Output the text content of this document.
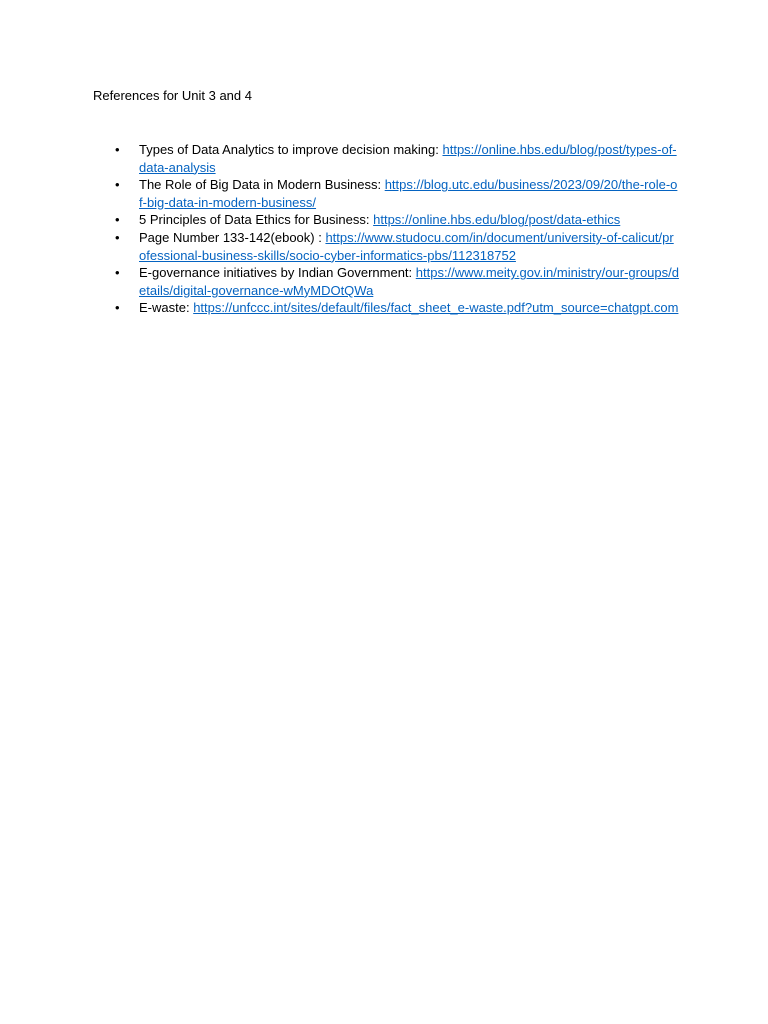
References for Unit 3 and 4
• Types of Data Analytics to improve decision making: https://online.hbs.edu/blog/post/types-of-data-analysis
• The Role of Big Data in Modern Business: https://blog.utc.edu/business/2023/09/20/the-role-of-big-data-in-modern-business/
• 5 Principles of Data Ethics for Business: https://online.hbs.edu/blog/post/data-ethics
• Page Number 133-142(ebook) : https://www.studocu.com/in/document/university-of-calicut/professional-business-skills/socio-cyber-informatics-pbs/112318752
• E-governance initiatives by Indian Government: https://www.meity.gov.in/ministry/our-groups/details/digital-governance-wMyMDOtQWa
• E-waste: https://unfccc.int/sites/default/files/fact_sheet_e-waste.pdf?utm_source=chatgpt.com
